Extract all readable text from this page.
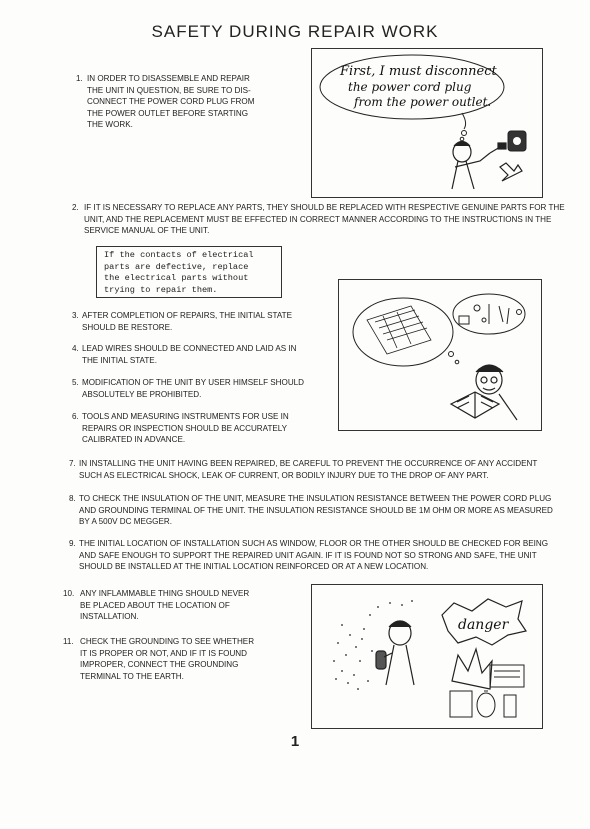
SAFETY DURING REPAIR WORK
1. IN ORDER TO DISASSEMBLE AND REPAIR
THE UNIT IN QUESTION, BE SURE TO DIS-
CONNECT THE POWER CORD PLUG FROM
THE POWER OUTLET BEFORE STARTING
THE WORK.
First, I must disconnect
the power cord plug
from the power outlet.
2. IF IT IS NECESSARY TO REPLACE ANY PARTS, THEY SHOULD BE REPLACED WITH RESPECTIVE GENUINE PARTS FOR THE
UNIT, AND THE REPLACEMENT MUST BE EFFECTED IN CORRECT MANNER ACCORDING TO THE INSTRUCTIONS IN THE
SERVICE MANUAL OF THE UNIT.
If the contacts of electrical
parts are defective, replace
the electrical parts without
trying to repair them.
3. AFTER COMPLETION OF REPAIRS, THE INITIAL STATE
SHOULD BE RESTORE.
4. LEAD WIRES SHOULD BE CONNECTED AND LAID AS IN
THE INITIAL STATE.
5. MODIFICATION OF THE UNIT BY USER HIMSELF SHOULD
ABSOLUTELY BE PROHIBITED.
6. TOOLS AND MEASURING INSTRUMENTS FOR USE IN
REPAIRS OR INSPECTION SHOULD BE ACCURATELY
CALIBRATED IN ADVANCE.
7. IN INSTALLING THE UNIT HAVING BEEN REPAIRED, BE CAREFUL TO PREVENT THE OCCURRENCE OF ANY ACCIDENT
SUCH AS ELECTRICAL SHOCK, LEAK OF CURRENT, OR BODILY INJURY DUE TO THE DROP OF ANY PART.
8. TO CHECK THE INSULATION OF THE UNIT, MEASURE THE INSULATION RESISTANCE BETWEEN THE POWER CORD PLUG
AND GROUNDING TERMINAL OF THE UNIT. THE INSULATION RESISTANCE SHOULD BE 1M OHM OR MORE AS MEASURED
BY A 500V DC MEGGER.
9. THE INITIAL LOCATION OF INSTALLATION SUCH AS WINDOW, FLOOR OR THE OTHER SHOULD BE CHECKED FOR BEING
AND SAFE ENOUGH TO SUPPORT THE REPAIRED UNIT AGAIN. IF IT IS FOUND NOT SO STRONG AND SAFE, THE UNIT
SHOULD BE INSTALLED AT THE INITIAL LOCATION REINFORCED OR AT A NEW LOCATION.
10. ANY INFLAMMABLE THING SHOULD NEVER
BE PLACED ABOUT THE LOCATION OF
INSTALLATION.
11. CHECK THE GROUNDING TO SEE WHETHER
IT IS PROPER OR NOT, AND IF IT IS FOUND
IMPROPER, CONNECT THE GROUNDING
TERMINAL TO THE EARTH.
danger
1
